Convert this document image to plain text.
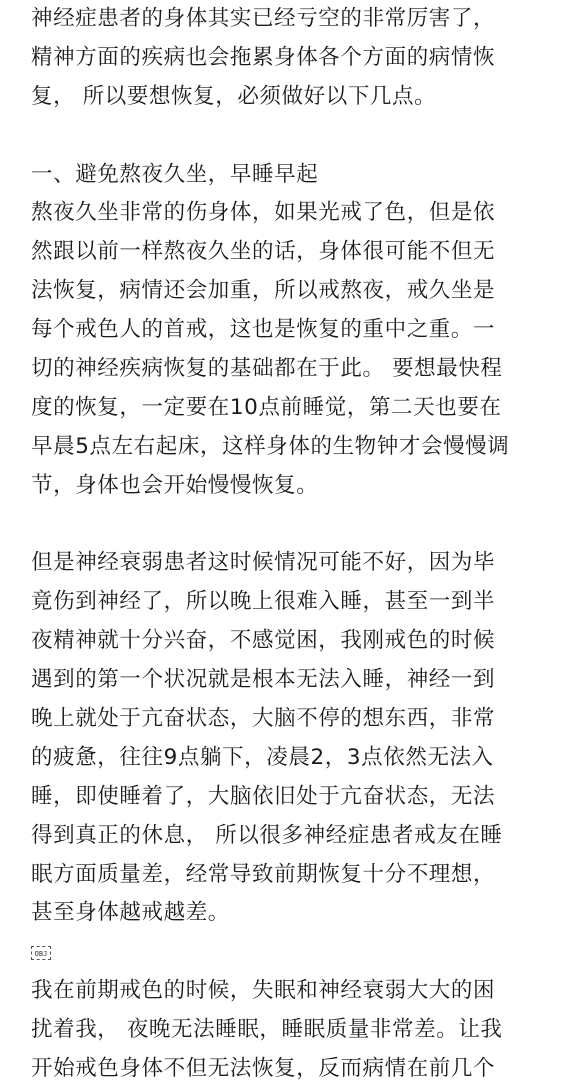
神经症患者的身体其实已经亏空的非常厉害了，
精神方面的疾病也会拖累身体各个方面的病情恢
复， 所以要想恢复，必须做好以下几点。
一、避免熬夜久坐，早睡早起
熬夜久坐非常的伤身体，如果光戒了色，但是依
然跟以前一样熬夜久坐的话，身体很可能不但无
法恢复，病情还会加重，所以戒熬夜，戒久坐是
每个戒色人的首戒，这也是恢复的重中之重。一
切的神经疾病恢复的基础都在于此。 要想最快程
度的恢复，一定要在10点前睡觉，第二天也要在
早晨5点左右起床，这样身体的生物钟才会慢慢调
节，身体也会开始慢慢恢复。
但是神经衰弱患者这时候情况可能不好，因为毕
竟伤到神经了，所以晚上很难入睡，甚至一到半
夜精神就十分兴奋，不感觉困，我刚戒色的时候
遇到的第一个状况就是根本无法入睡，神经一到
晚上就处于亢奋状态，大脑不停的想东西，非常
的疲惫，往往9点躺下，凌晨2，3点依然无法入
睡，即使睡着了，大脑依旧处于亢奋状态，无法
得到真正的休息， 所以很多神经症患者戒友在睡
眠方面质量差，经常导致前期恢复十分不理想，
甚至身体越戒越差。
OBJ
我在前期戒色的时候，失眠和神经衰弱大大的困
扰着我， 夜晚无法睡眠，睡眠质量非常差。让我
开始戒色身体不但无法恢复，反而病情在前几个
